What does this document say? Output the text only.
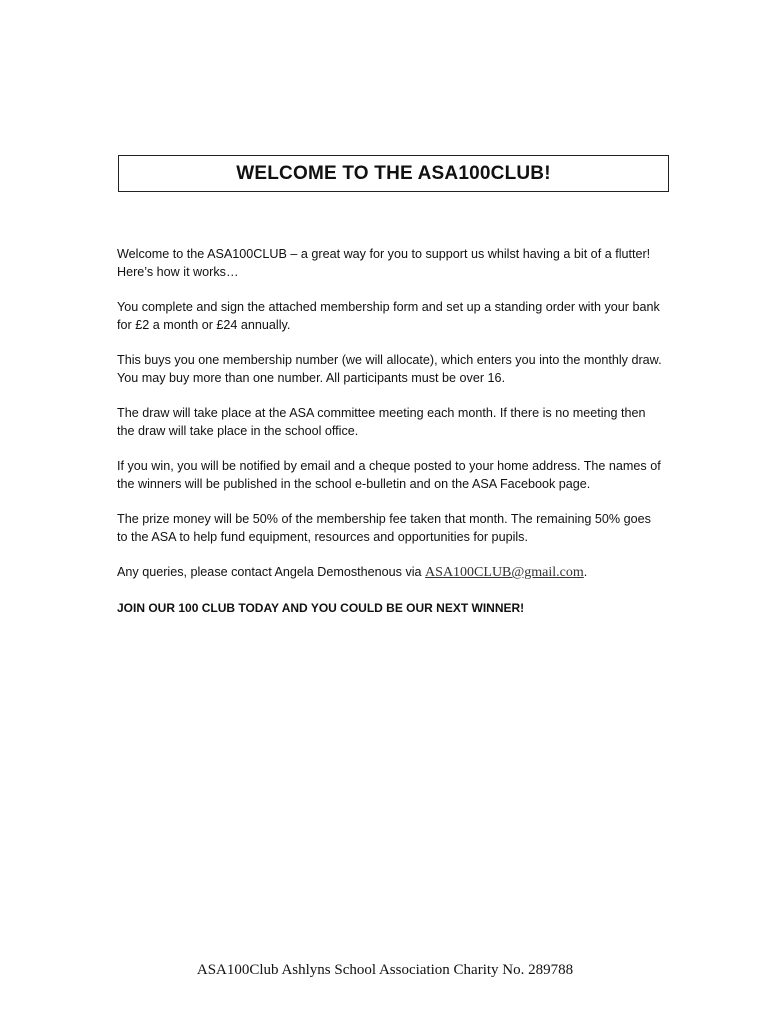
WELCOME TO THE ASA100CLUB!

Welcome to the ASA100CLUB – a great way for you to support us whilst having a bit of a flutter! Here’s how it works…

You complete and sign the attached membership form and set up a standing order with your bank for £2 a month or £24 annually.

This buys you one membership number (we will allocate), which enters you into the monthly draw. You may buy more than one number. All participants must be over 16.

The draw will take place at the ASA committee meeting each month. If there is no meeting then the draw will take place in the school office.

If you win, you will be notified by email and a cheque posted to your home address. The names of the winners will be published in the school e-bulletin and on the ASA Facebook page.

The prize money will be 50% of the membership fee taken that month. The remaining 50% goes to the ASA to help fund equipment, resources and opportunities for pupils.

Any queries, please contact Angela Demosthenous via ASA100CLUB@gmail.com.

JOIN OUR 100 CLUB TODAY AND YOU COULD BE OUR NEXT WINNER!

ASA100Club Ashlyns School Association Charity No. 289788
